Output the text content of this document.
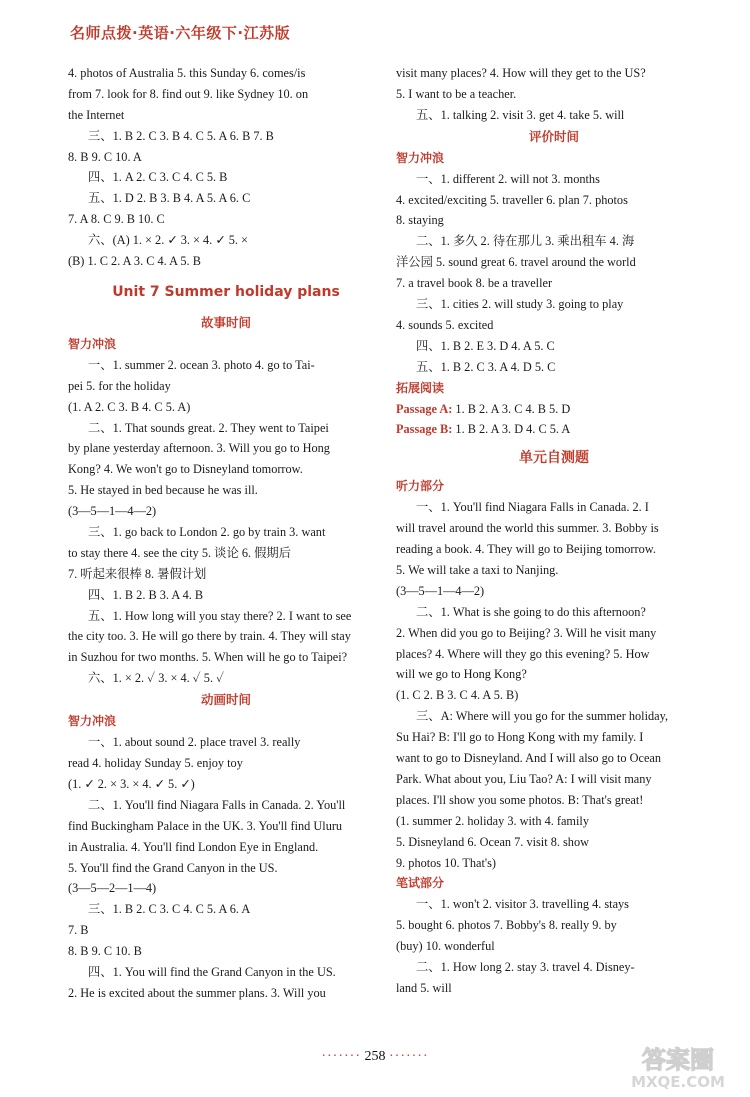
名师点拨·英语·六年级下·江苏版
4. photos of Australia 5. this Sunday 6. comes/is
from 7. look for 8. find out 9. like Sydney 10. on
the Internet
三、1. B 2. C 3. B 4. C 5. A 6. B 7. B
8. B 9. C 10. A
四、1. A 2. C 3. C 4. C 5. B
五、1. D 2. B 3. B 4. A 5. A 6. C
7. A 8. C 9. B 10. C
六、(A) 1. × 2. ✓ 3. × 4. ✓ 5. ×
(B) 1. C 2. A 3. C 4. A 5. B
Unit 7 Summer holiday plans
故事时间
智力冲浪
一、1. summer 2. ocean 3. photo 4. go to Tai-
pei 5. for the holiday
(1. A 2. C 3. B 4. C 5. A)
二、1. That sounds great. 2. They went to Taipei
by plane yesterday afternoon. 3. Will you go to Hong
Kong? 4. We won't go to Disneyland tomorrow.
5. He stayed in bed because he was ill.
(3—5—1—4—2)
三、1. go back to London 2. go by train 3. want
to stay there 4. see the city 5. 谈论 6. 假期后
7. 听起来很棒 8. 暑假计划
四、1. B 2. B 3. A 4. B
五、1. How long will you stay there? 2. I want to see
the city too. 3. He will go there by train. 4. They will stay
in Suzhou for two months. 5. When will he go to Taipei?
六、1. × 2. ✓ 3. × 4. ✓ 5. ✓
动画时间
智力冲浪
一、1. about sound 2. place travel 3. really
read 4. holiday Sunday 5. enjoy toy
(1. ✓ 2. × 3. × 4. ✓ 5. ✓)
二、1. You'll find Niagara Falls in Canada. 2. You'll
find Buckingham Palace in the UK. 3. You'll find Uluru
in Australia. 4. You'll find London Eye in England.
5. You'll find the Grand Canyon in the US.
(3—5—2—1—4)
三、1. B 2. C 3. C 4. C 5. A 6. A
7. B
8. B 9. C 10. B
四、1. You will find the Grand Canyon in the US.
2. He is excited about the summer plans. 3. Will you
visit many places? 4. How will they get to the US?
5. I want to be a teacher.
五、1. talking 2. visit 3. get 4. take 5. will
评价时间
智力冲浪
一、1. different 2. will not 3. months
4. excited/exciting 5. traveller 6. plan 7. photos
8. staying
二、1. 多久 2. 待在那儿 3. 乘出租车 4. 海
洋公园 5. sound great 6. travel around the world
7. a travel book 8. be a traveller
三、1. cities 2. will study 3. going to play
4. sounds 5. excited
四、1. B 2. E 3. D 4. A 5. C
五、1. B 2. C 3. A 4. D 5. C
拓展阅读
Passage A: 1. B 2. A 3. C 4. B 5. D
Passage B: 1. B 2. A 3. D 4. C 5. A
单元自测题
听力部分
一、1. You'll find Niagara Falls in Canada. 2. I
will travel around the world this summer. 3. Bobby is
reading a book. 4. They will go to Beijing tomorrow.
5. We will take a taxi to Nanjing.
(3—5—1—4—2)
二、1. What is she going to do this afternoon?
2. When did you go to Beijing? 3. Will he visit many
places? 4. Where will they go this evening? 5. How
will we go to Hong Kong?
(1. C 2. B 3. C 4. A 5. B)
三、A: Where will you go for the summer holiday,
Su Hai? B: I'll go to Hong Kong with my family. I
want to go to Disneyland. And I will also go to Ocean
Park. What about you, Liu Tao? A: I will visit many
places. I'll show you some photos. B: That's great!
(1. summer 2. holiday 3. with 4. family
5. Disneyland 6. Ocean 7. visit 8. show
9. photos 10. That's)
笔试部分
一、1. won't 2. visitor 3. travelling 4. stays
5. bought 6. photos 7. Bobby's 8. really 9. by
(buy) 10. wonderful
二、1. How long 2. stay 3. travel 4. Disney-
land 5. will
······· 258 ·······	答案圈
MXQE.COM
